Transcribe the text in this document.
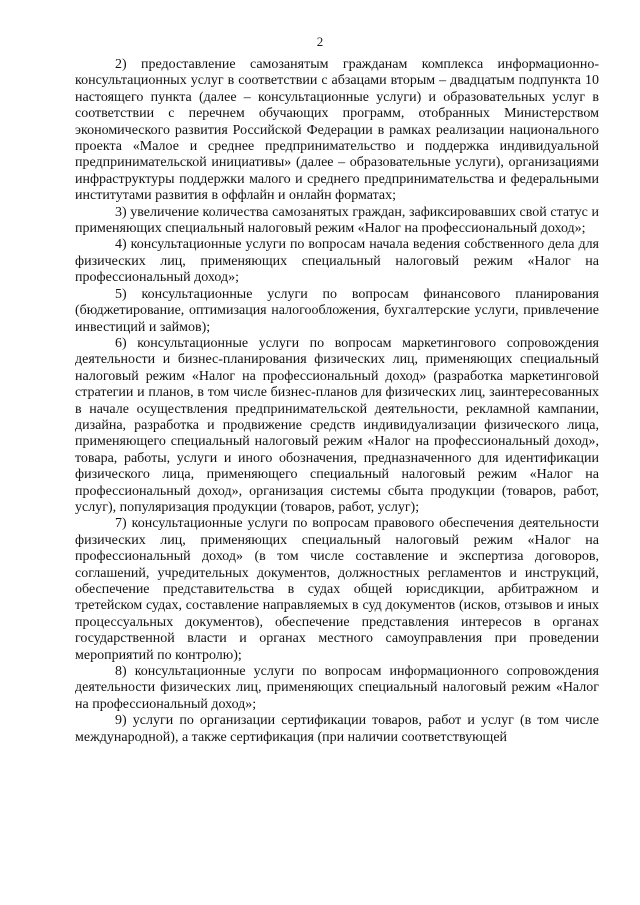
2

2) предоставление самозанятым гражданам комплекса информационно-консультационных услуг в соответствии с абзацами вторым – двадцатым подпункта 10 настоящего пункта (далее – консультационные услуги) и образовательных услуг в соответствии с перечнем обучающих программ, отобранных Министерством экономического развития Российской Федерации в рамках реализации национального проекта «Малое и среднее предпринимательство и поддержка индивидуальной предпринимательской инициативы» (далее – образовательные услуги), организациями инфраструктуры поддержки малого и среднего предпринимательства и федеральными институтами развития в оффлайн и онлайн форматах;

3) увеличение количества самозанятых граждан, зафиксировавших свой статус и применяющих специальный налоговый режим «Налог на профессиональный доход»;

4) консультационные услуги по вопросам начала ведения собственного дела для физических лиц, применяющих специальный налоговый режим «Налог на профессиональный доход»;

5) консультационные услуги по вопросам финансового планирования (бюджетирование, оптимизация налогообложения, бухгалтерские услуги, привлечение инвестиций и займов);

6) консультационные услуги по вопросам маркетингового сопровождения деятельности и бизнес-планирования физических лиц, применяющих специальный налоговый режим «Налог на профессиональный доход» (разработка маркетинговой стратегии и планов, в том числе бизнес-планов для физических лиц, заинтересованных в начале осуществления предпринимательской деятельности, рекламной кампании, дизайна, разработка и продвижение средств индивидуализации физического лица, применяющего специальный налоговый режим «Налог на профессиональный доход», товара, работы, услуги и иного обозначения, предназначенного для идентификации физического лица, применяющего специальный налоговый режим «Налог на профессиональный доход», организация системы сбыта продукции (товаров, работ, услуг), популяризация продукции (товаров, работ, услуг);

7) консультационные услуги по вопросам правового обеспечения деятельности физических лиц, применяющих специальный налоговый режим «Налог на профессиональный доход» (в том числе составление и экспертиза договоров, соглашений, учредительных документов, должностных регламентов и инструкций, обеспечение представительства в судах общей юрисдикции, арбитражном и третейском судах, составление направляемых в суд документов (исков, отзывов и иных процессуальных документов), обеспечение представления интересов в органах государственной власти и органах местного самоуправления при проведении мероприятий по контролю);

8) консультационные услуги по вопросам информационного сопровождения деятельности физических лиц, применяющих специальный налоговый режим «Налог на профессиональный доход»;

9) услуги по организации сертификации товаров, работ и услуг (в том числе международной), а также сертификация (при наличии соответствующей
